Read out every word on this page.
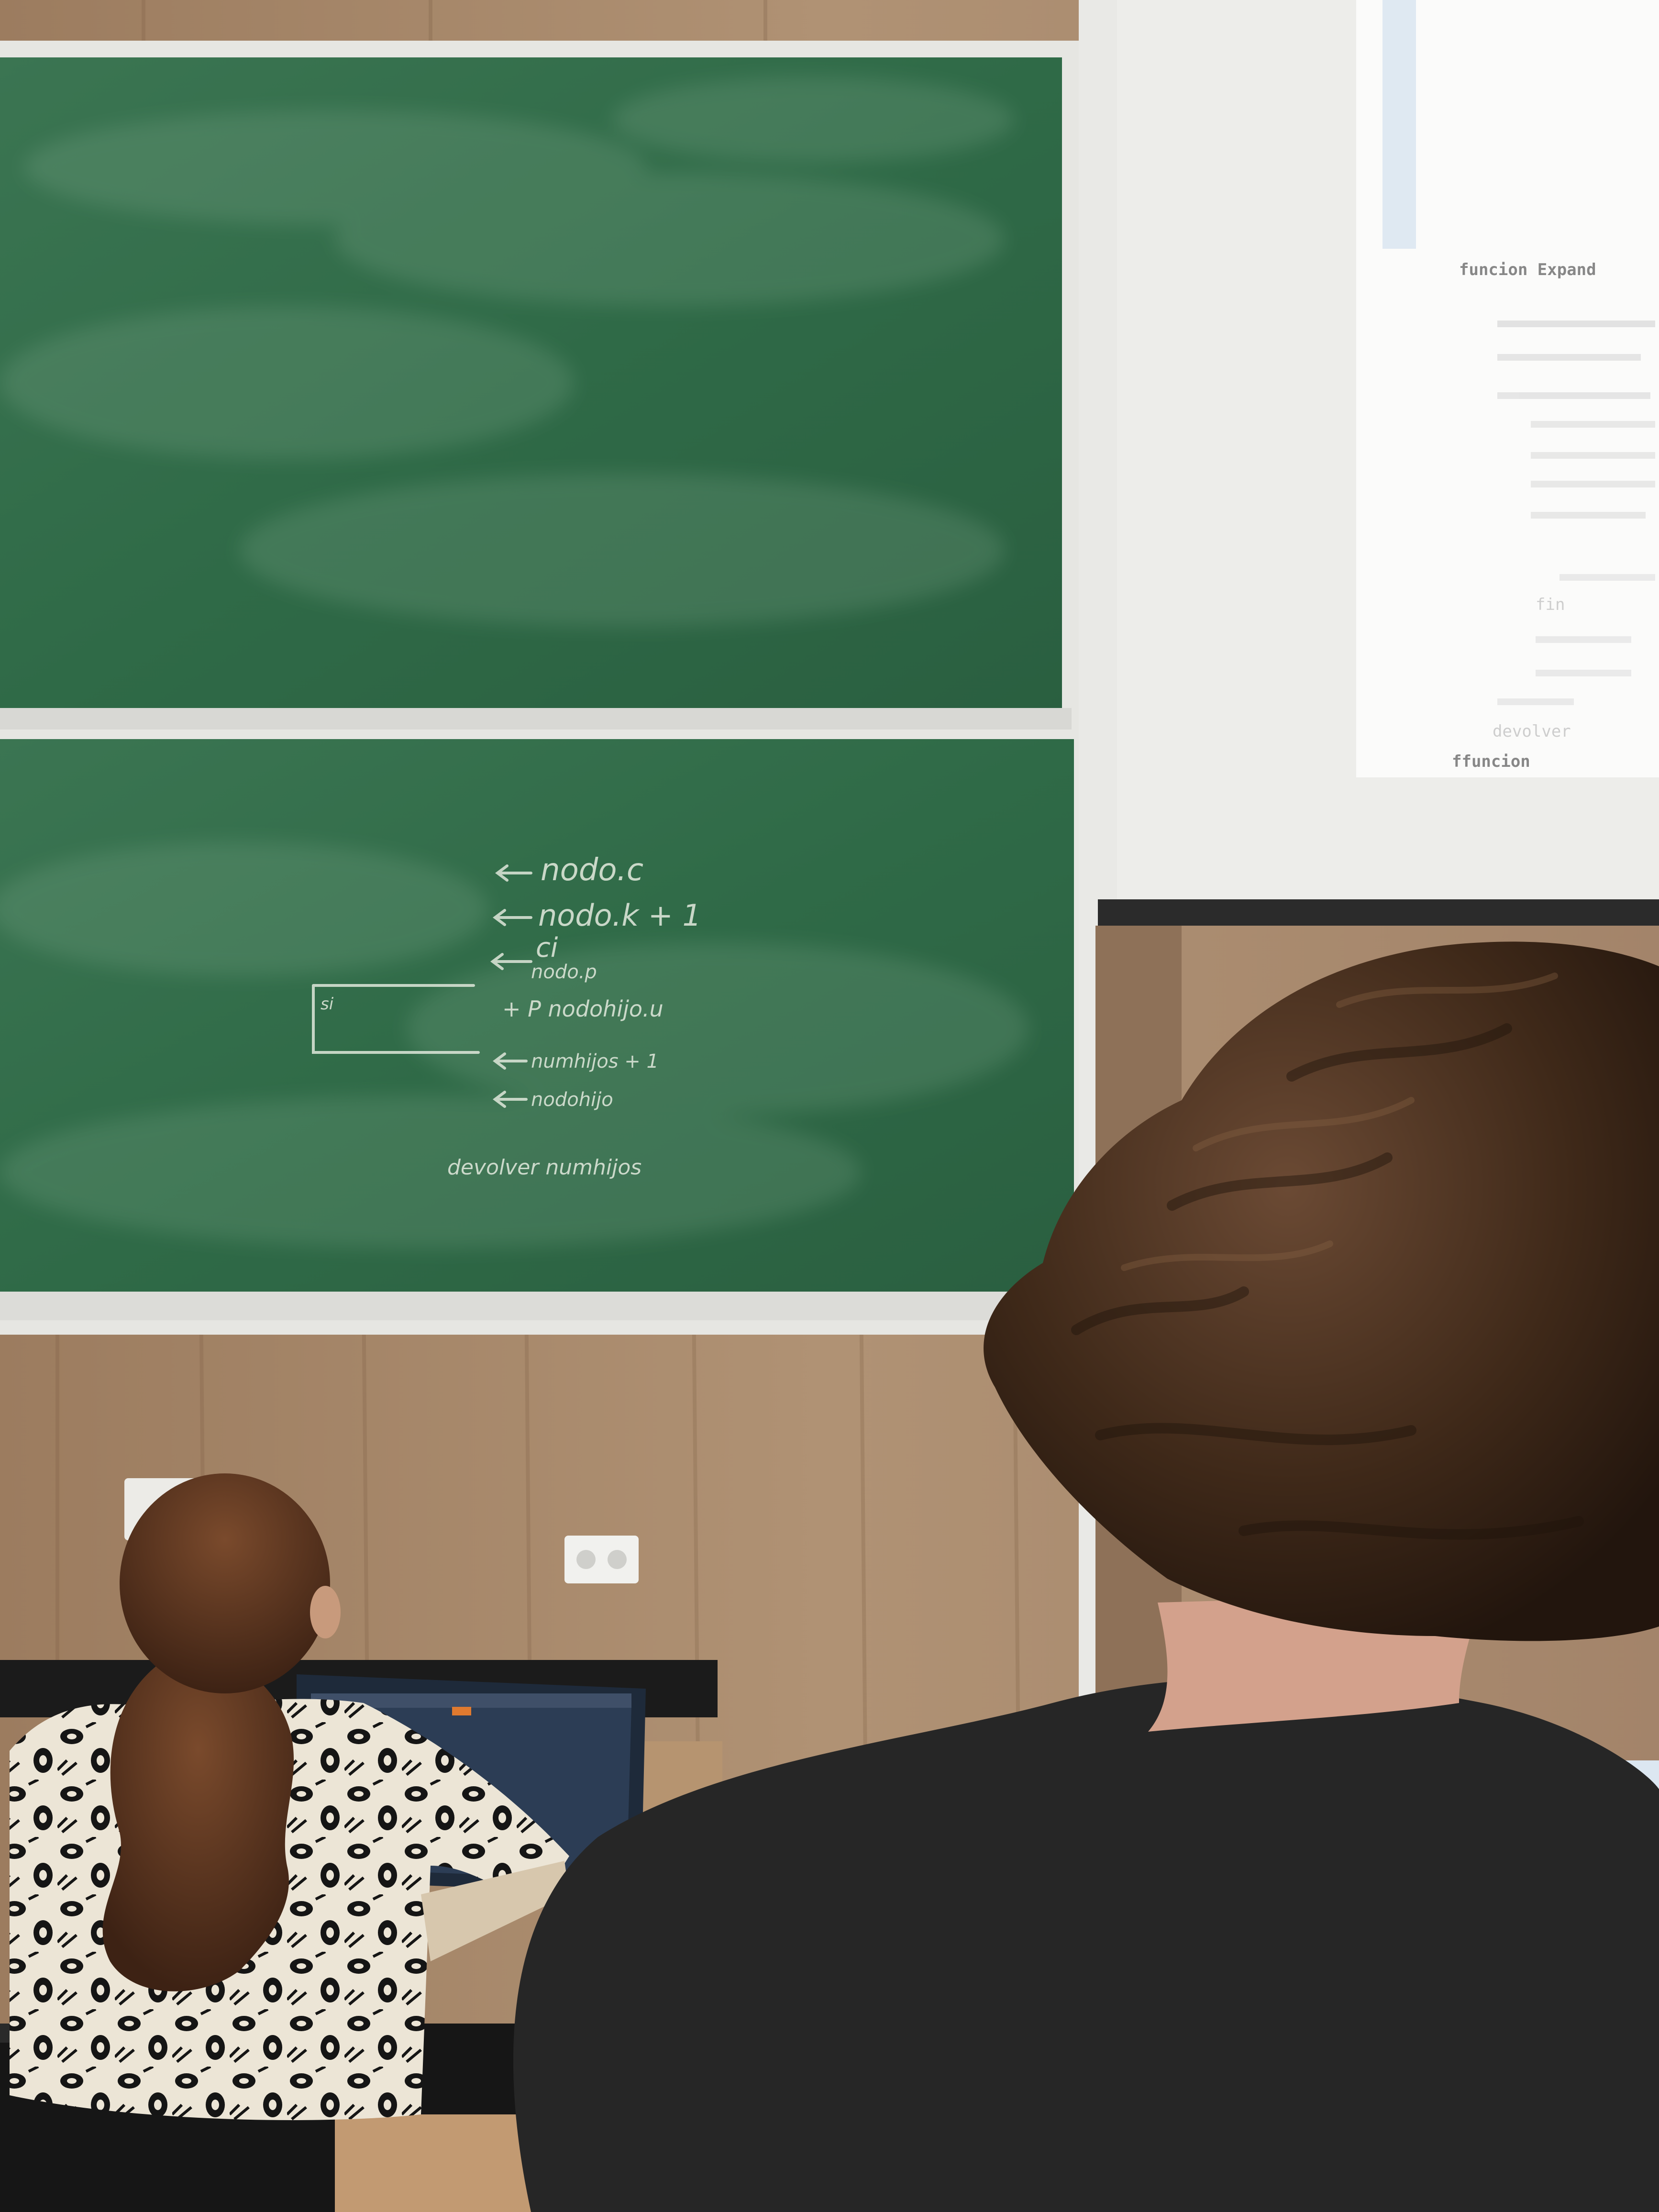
nodo.c
nodo.k + 1
ci
nodo.p
+ P nodohijo.u
si
numhijos + 1
nodohijo
devolver numhijos
funcion Expand
fin
devolver
ffuncion
